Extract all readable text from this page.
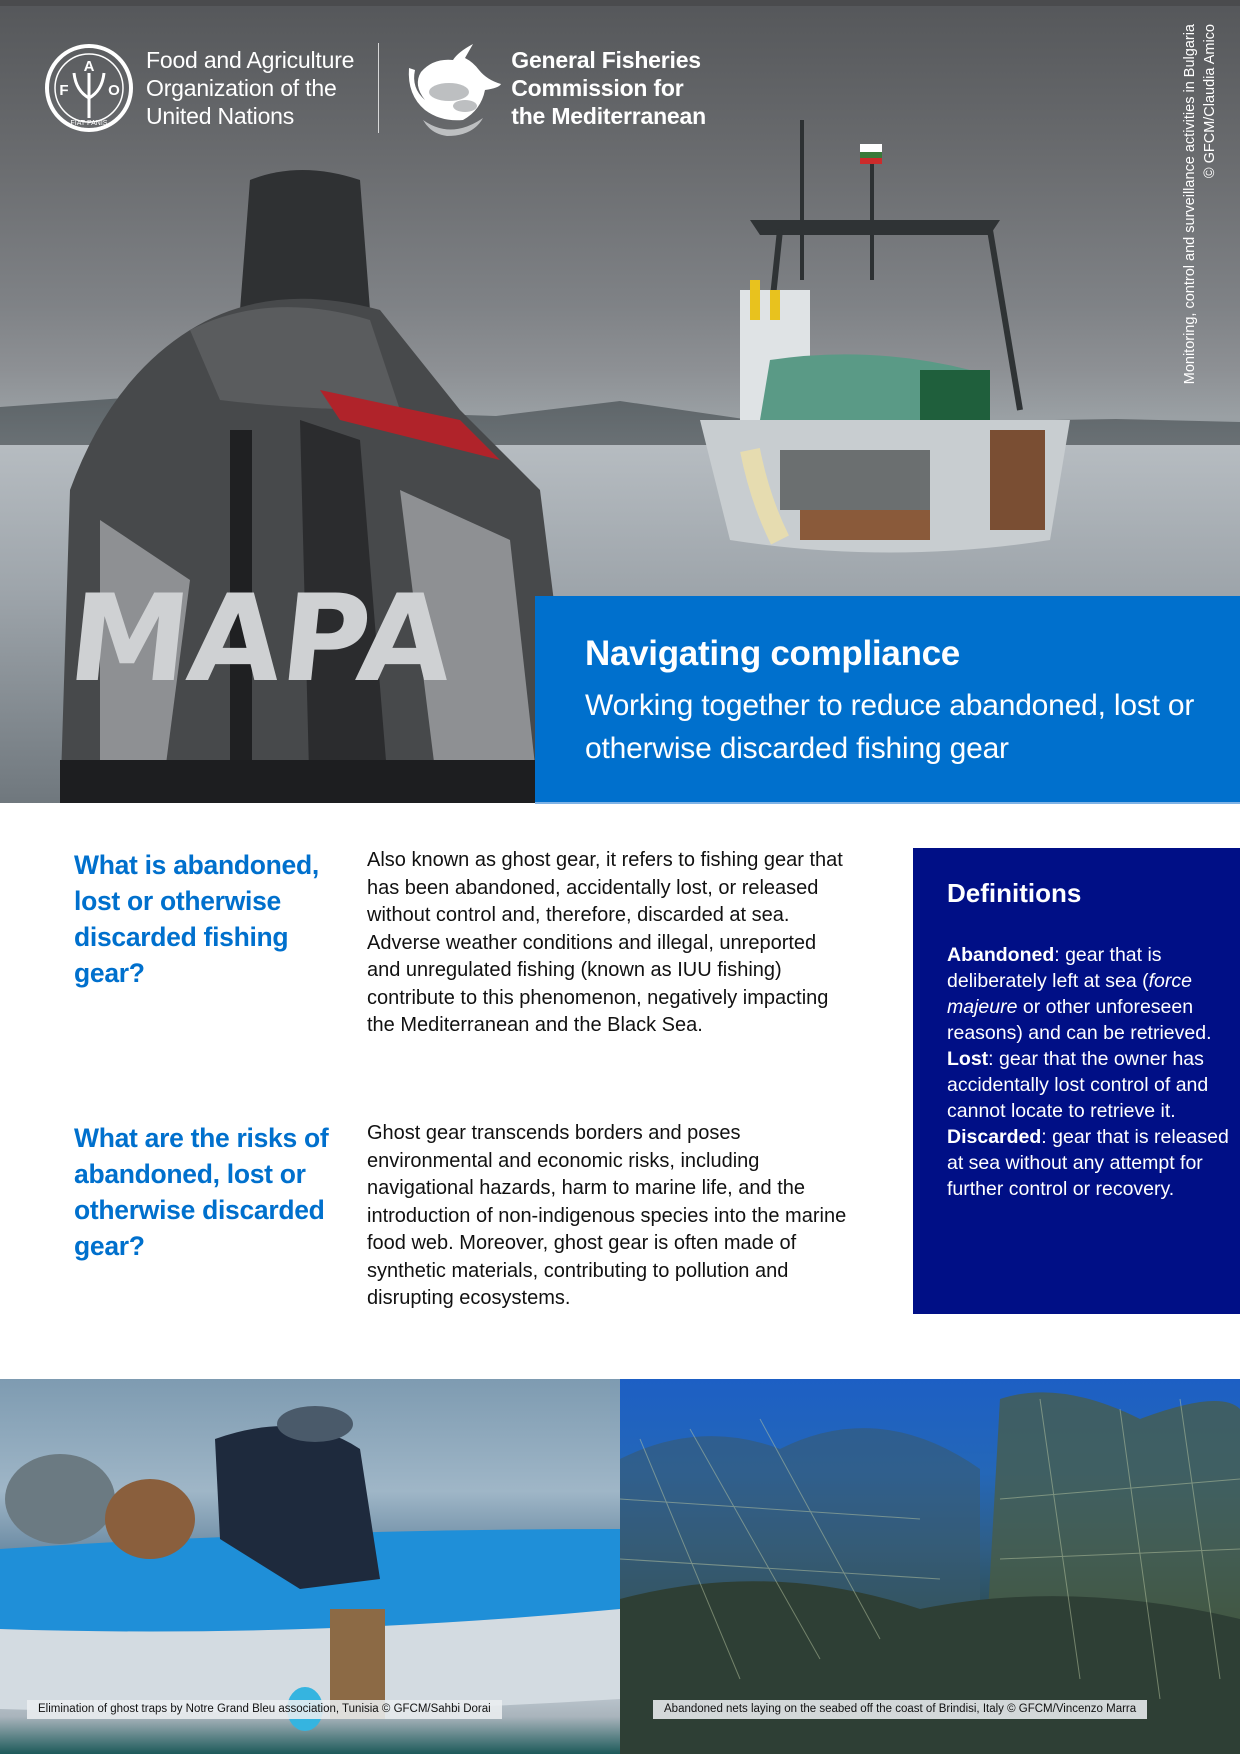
MAPA
A
F	O
FIAT PANIS
Food and Agriculture
Organization of the
United Nations
General Fisheries
Commission for
the Mediterranean	Monitoring, control and surveillance activities in Bulgaria © GFCM/Claudia Amico
Navigating compliance
Working together to reduce abandoned, lost or otherwise discarded fishing gear
What is abandoned, lost or otherwise discarded fishing gear?

Also known as ghost gear, it refers to fishing gear that has been abandoned, accidentally lost, or released without control and, therefore, discarded at sea.

Adverse weather conditions and illegal, unreported and unregulated fishing (known as IUU fishing) contribute to this phenomenon, negatively impacting the Mediterranean and the Black Sea.

What are the risks of abandoned, lost or otherwise discarded gear?

Ghost gear transcends borders and poses environmental and economic risks, including navigational hazards, harm to marine life, and the introduction of non-indigenous species into the marine food web. Moreover, ghost gear is often made of synthetic materials, contributing to pollution and disrupting ecosystems.

Definitions

Abandoned: gear that is deliberately left at sea (force majeure or other unforeseen reasons) and can be retrieved.

Lost: gear that the owner has accidentally lost control of and cannot locate to retrieve it.

Discarded: gear that is released at sea without any attempt for further control or recovery.

Elimination of ghost traps by Notre Grand Bleu association, Tunisia © GFCM/Sahbi Dorai	Abandoned nets laying on the seabed off the coast of Brindisi, Italy © GFCM/Vincenzo Marra
